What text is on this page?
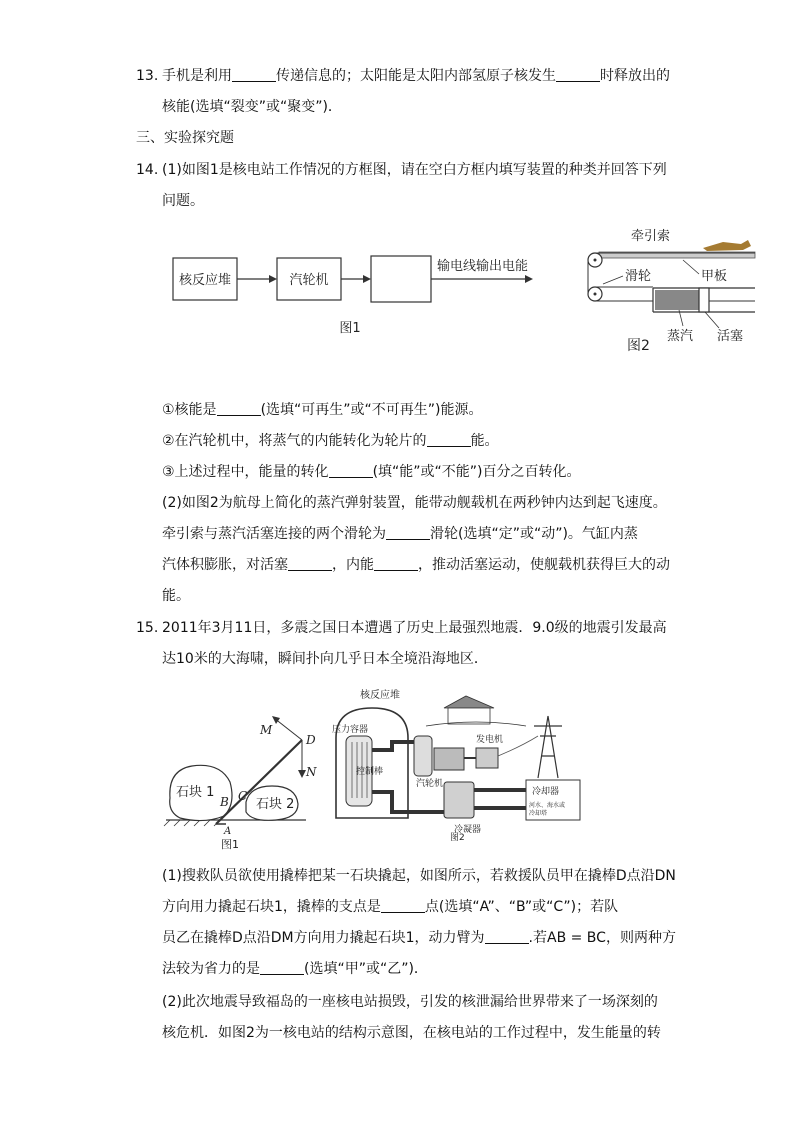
13. 手机是利用	传递信息的；太阳能是太阳内部氢原子核发生	时释放出的
核能(选填“裂变”或“聚变”)．
三、实验探究题
14. (1)如图1是核电站工作情况的方框图，请在空白方框内填写装置的种类并回答下列
问题。
核反应堆	汽轮机
输电线输出电能
图1
牵引索
滑轮	甲板
蒸汽 活塞
图2
①核能是	(选填“可再生”或“不可再生”)能源。
②在汽轮机中，将蒸气的内能转化为轮片的	能。
③上述过程中，能量的转化	(填“能”或“不能”)百分之百转化。
(2)如图2为航母上简化的蒸汽弹射装置，能带动舰载机在两秒钟内达到起飞速度。
牵引索与蒸汽活塞连接的两个滑轮为	滑轮(选填“定”或“动”)。气缸内蒸
汽体积膨胀，对活塞	，内能	，推动活塞运动，使舰载机获得巨大的动
能。
15. 2011年3月11日，多震之国日本遭遇了历史上最强烈地震．9.0级的地震引发最高
达10米的大海啸，瞬间扑向几乎日本全境沿海地区．
M
D
N
石块 1
石块 2
B C
A
图1
核反应堆
压力容器
控制棒
汽轮机
发电机
冷凝器
冷却器
河水、海水或
冷却塔
图2
(1)搜救队员欲使用撬棒把某一石块撬起，如图所示，若救援队员甲在撬棒D点沿DN
方向用力撬起石块1，撬棒的支点是	点(选填“A”、“B”或“C”)；若队
员乙在撬棒D点沿DM方向用力撬起石块1，动力臂为	.若AB = BC，则两种方
法较为省力的是	(选填“甲”或“乙”)．
(2)此次地震导致福岛的一座核电站损毁，引发的核泄漏给世界带来了一场深刻的
核危机．如图2为一核电站的结构示意图，在核电站的工作过程中，发生能量的转
